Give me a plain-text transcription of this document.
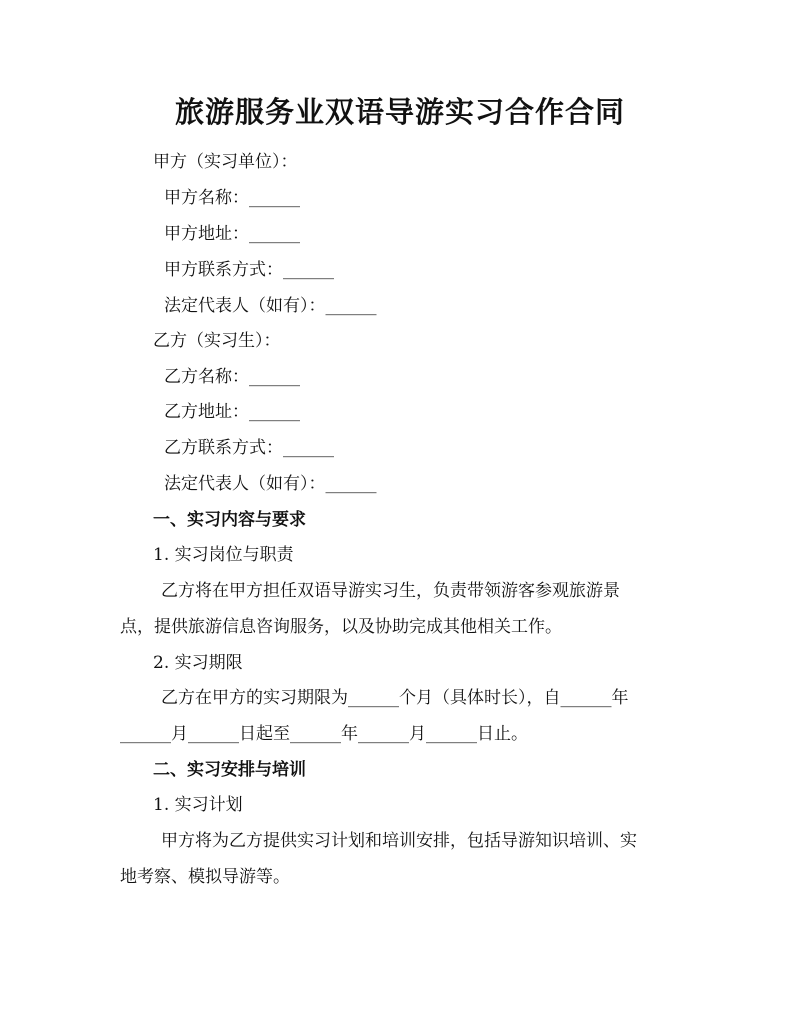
旅游服务业双语导游实习合作合同
甲方（实习单位）：
甲方名称：______
甲方地址：______
甲方联系方式：______
法定代表人（如有）：______
乙方（实习生）：
乙方名称：______
乙方地址：______
乙方联系方式：______
法定代表人（如有）：______
一、实习内容与要求
1. 实习岗位与职责
乙方将在甲方担任双语导游实习生，负责带领游客参观旅游景
点，提供旅游信息咨询服务，以及协助完成其他相关工作。
2. 实习期限
乙方在甲方的实习期限为______个月（具体时长），自______年
______月______日起至______年______月______日止。
二、实习安排与培训
1. 实习计划
甲方将为乙方提供实习计划和培训安排，包括导游知识培训、实
地考察、模拟导游等。
